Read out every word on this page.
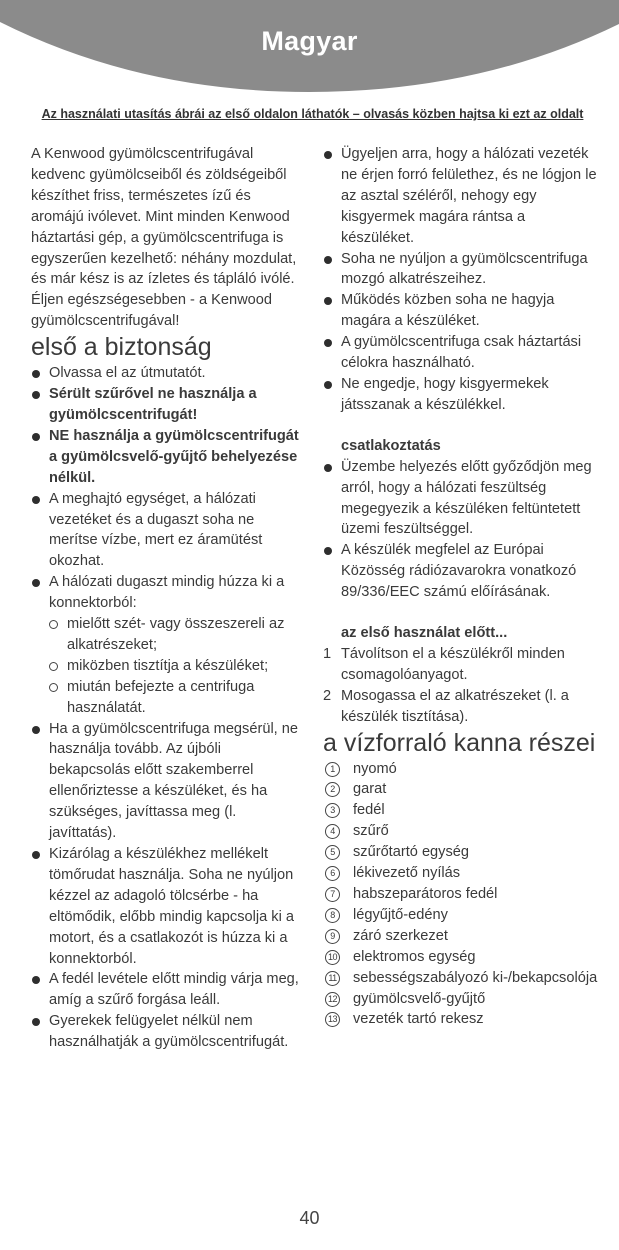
Magyar
Az használati utasítás ábrái az első oldalon láthatók – olvasás közben hajtsa ki ezt az oldalt

A Kenwood gyümölcscentrifugával kedvenc gyümölcseiből és zöldségeiből készíthet friss, természetes ízű és aromájú ivólevet. Mint minden Kenwood háztartási gép, a gyümölcscentrifuga is egyszerűen kezelhető: néhány mozdulat, és már kész is az ízletes és tápláló ivólé. Éljen egészségesebben - a Kenwood gyümölcscentrifugával!

első a biztonság
Olvassa el az útmutatót.
Sérült szűrővel ne használja a gyümölcscentrifugát!
NE használja a gyümölcscentrifugát a gyümölcsvelő-gyűjtő behelyezése nélkül.
A meghajtó egységet, a hálózati vezetéket és a dugaszt soha ne merítse vízbe, mert ez áramütést okozhat.
A hálózati dugaszt mindig húzza ki a konnektorból:
mielőtt szét- vagy összeszereli az alkatrészeket;
miközben tisztítja a készüléket;
miután befejezte a centrifuga használatát.
Ha a gyümölcscentrifuga megsérül, ne használja tovább. Az újbóli bekapcsolás előtt szakemberrel ellenőriztesse a készüléket, és ha szükséges, javíttassa meg (l. javíttatás).
Kizárólag a készülékhez mellékelt tömőrudat használja. Soha ne nyúljon kézzel az adagoló tölcsérbe - ha eltömődik, előbb mindig kapcsolja ki a motort, és a csatlakozót is húzza ki a konnektorból.
A fedél levétele előtt mindig várja meg, amíg a szűrő forgása leáll.
Gyerekek felügyelet nélkül nem használhatják a gyümölcscentrifugát.
Ügyeljen arra, hogy a hálózati vezeték ne érjen forró felülethez, és ne lógjon le az asztal széléről, nehogy egy kisgyermek magára rántsa a készüléket.
Soha ne nyúljon a gyümölcscentrifuga mozgó alkatrészeihez.
Működés közben soha ne hagyja magára a készüléket.
A gyümölcscentrifuga csak háztartási célokra használható.
Ne engedje, hogy kisgyermekek játsszanak a készülékkel.

csatlakoztatás

Üzembe helyezés előtt győződjön meg arról, hogy a hálózati feszültség megegyezik a készüléken feltüntetett üzemi feszültséggel.
A készülék megfelel az Európai Közösség rádiózavarokra vonatkozó 89/336/EEC számú előírásának.

az első használat előtt...

1 Távolítson el a készülékről minden csomagolóanyagot.
2 Mosogassa el az alkatrészeket (l. a készülék tisztítása).
a vízforraló kanna részei
1	nyomó
2	garat
3	fedél
4	szűrő
5	szűrőtartó egység
6	lékivezető nyílás
7	habszeparátoros fedél
8	légyűjtő-edény
9	záró szerkezet
10 elektromos egység
11 sebességszabályozó ki-/bekapcsolója
12 gyümölcsvelő-gyűjtő
13 vezeték tartó rekesz
40
